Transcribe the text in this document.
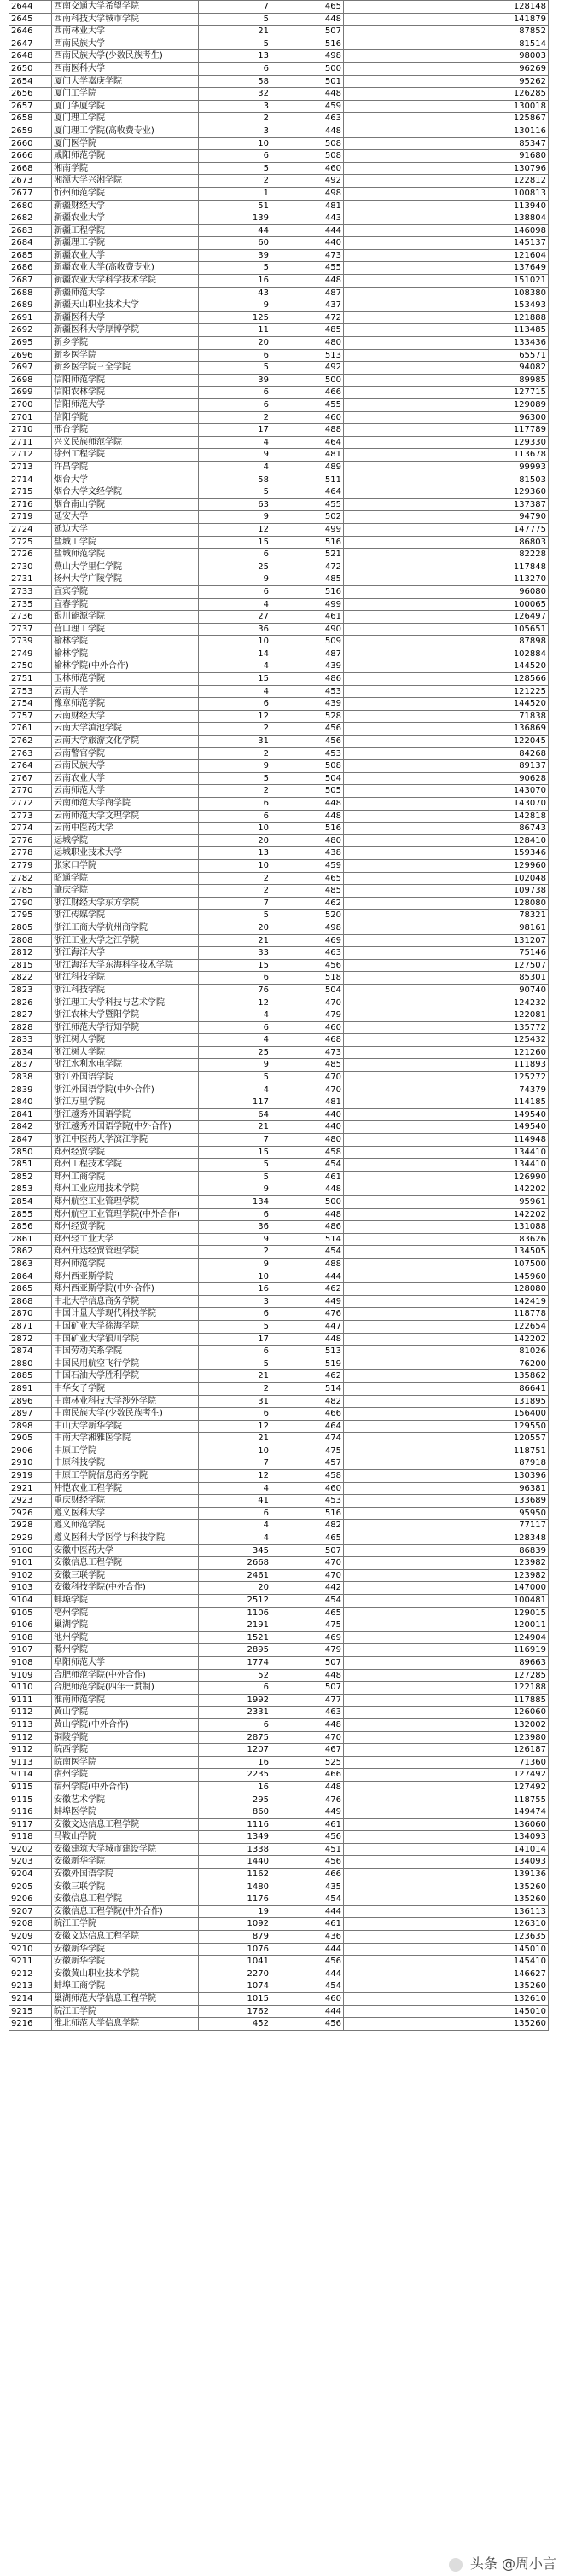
2644	西南交通大学希望学院	7	465	128148
2645	西南科技大学城市学院	5	448	141879
2646	西南林业大学	21	507	87852
2647	西南民族大学	5	516	81514
2648	西南民族大学(少数民族考生)	13	498	98003
2650	西南医科大学	6	500	96269
2654	厦门大学嘉庚学院	58	501	95262
2656	厦门工学院	32	448	126285
2657	厦门华厦学院	3	459	130018
2658	厦门理工学院	2	463	125867
2659	厦门理工学院(高收费专业)	3	448	130116
2660	厦门医学院	10	508	85347
2666	咸阳师范学院	6	508	91680
2668	湘南学院	5	460	130796
2673	湘潭大学兴湘学院	2	492	122812
2677	忻州师范学院	1	498	100813
2680	新疆财经大学	51	481	113940
2682	新疆农业大学	139	443	138804
2683	新疆工程学院	44	444	146098
2684	新疆理工学院	60	440	145137
2685	新疆农业大学	39	473	121604
2686	新疆农业大学(高收费专业)	5	455	137649
2687	新疆农业大学科学技术学院	16	448	151021
2688	新疆师范大学	43	487	108380
2689	新疆天山职业技术大学	9	437	153493
2691	新疆医科大学	125	472	121888
2692	新疆医科大学厚博学院	11	485	113485
2695	新乡学院	20	480	133436
2696	新乡医学院	6	513	65571
2697	新乡医学院三全学院	5	492	94082
2698	信阳师范学院	39	500	89985
2699	信阳农林学院	6	466	127715
2700	信阳师范大学	6	455	129089
2701	信阳学院	2	460	96300
2710	邢台学院	17	488	117789
2711	兴义民族师范学院	4	464	129330
2712	徐州工程学院	9	481	113678
2713	许昌学院	4	489	99993
2714	烟台大学	58	511	81503
2715	烟台大学文经学院	5	464	129360
2716	烟台南山学院	63	455	137387
2719	延安大学	9	502	94790
2724	延边大学	12	499	147775
2725	盐城工学院	15	516	86803
2726	盐城师范学院	6	521	82228
2730	燕山大学里仁学院	25	472	117848
2731	扬州大学广陵学院	9	485	113270
2733	宜宾学院	6	516	96080
2735	宜春学院	4	499	100065
2736	银川能源学院	27	461	126497
2737	营口理工学院	36	490	105651
2739	榆林学院	10	509	87898
2749	榆林学院	14	487	102884
2750	榆林学院(中外合作)	4	439	144520
2751	玉林师范学院	15	486	128566
2753	云南大学	4	453	121225
2754	豫章师范学院	6	439	144520
2757	云南财经大学	12	528	71838
2761	云南大学滇池学院	2	456	136869
2762	云南大学旅游文化学院	31	456	122045
2763	云南警官学院	2	453	84268
2764	云南民族大学	9	508	89137
2767	云南农业大学	5	504	90628
2770	云南师范大学	2	505	143070
2772	云南师范大学商学院	6	448	143070
2773	云南师范大学文理学院	6	448	142818
2774	云南中医药大学	10	516	86743
2776	运城学院	20	480	128410
2778	运城职业技术大学	13	438	159346
2779	张家口学院	10	459	129960
2782	昭通学院	2	465	102048
2785	肇庆学院	2	485	109738
2790	浙江财经大学东方学院	7	462	128080
2795	浙江传媒学院	5	520	78321
2805	浙江工商大学杭州商学院	20	498	98161
2808	浙江工业大学之江学院	21	469	131207
2812	浙江海洋大学	33	463	75146
2815	浙江海洋大学东海科学技术学院	15	456	127507
2822	浙江科技学院	6	518	85301
2823	浙江科技学院	76	504	90740
2826	浙江理工大学科技与艺术学院	12	470	124232
2827	浙江农林大学暨阳学院	4	479	122081
2828	浙江师范大学行知学院	6	460	135772
2833	浙江树人学院	4	468	125432
2834	浙江树人学院	25	473	121260
2837	浙江水利水电学院	9	485	111893
2838	浙江外国语学院	5	470	125272
2839	浙江外国语学院(中外合作)	4	470	74379
2840	浙江万里学院	117	481	114185
2841	浙江越秀外国语学院	64	440	149540
2842	浙江越秀外国语学院(中外合作)	21	440	149540
2847	浙江中医药大学滨江学院	7	480	114948
2850	郑州经贸学院	15	458	134410
2851	郑州工程技术学院	5	454	134410
2852	郑州工商学院	5	461	126990
2853	郑州工业应用技术学院	9	448	142202
2854	郑州航空工业管理学院	134	500	95961
2855	郑州航空工业管理学院(中外合作)	6	448	142202
2856	郑州经贸学院	36	486	131088
2861	郑州轻工业大学	9	514	83626
2862	郑州升达经贸管理学院	2	454	134505
2863	郑州师范学院	9	488	107500
2864	郑州西亚斯学院	10	444	145960
2865	郑州西亚斯学院(中外合作)	16	462	128080
2868	中北大学信息商务学院	3	449	142419
2870	中国计量大学现代科技学院	6	476	118778
2871	中国矿业大学徐海学院	5	447	122654
2872	中国矿业大学银川学院	17	448	142202
2874	中国劳动关系学院	6	513	81026
2880	中国民用航空飞行学院	5	519	76200
2885	中国石油大学胜利学院	21	462	135862
2891	中华女子学院	2	514	86641
2896	中南林业科技大学涉外学院	31	482	131895
2897	中南民族大学(少数民族考生)	6	466	156400
2898	中山大学新华学院	12	464	129550
2905	中南大学湘雅医学院	21	474	120557
2906	中原工学院	10	475	118751
2910	中原科技学院	7	457	87918
2919	中原工学院信息商务学院	12	458	130396
2921	仲恺农业工程学院	4	460	96381
2923	重庆财经学院	41	453	133689
2926	遵义医科大学	6	516	95950
2928	遵义师范学院	4	482	77117
2929	遵义医科大学医学与科技学院	4	465	128348
9100	安徽中医药大学	345	507	86839
9101	安徽信息工程学院	2668	470	123982
9102	安徽三联学院	2461	470	123982
9103	安徽科技学院(中外合作)	20	442	147000
9104	蚌埠学院	2512	454	100481
9105	亳州学院	1106	465	129015
9106	巢湖学院	2191	475	120011
9108	池州学院	1521	469	124904
9107	滁州学院	2895	479	116919
9108	阜阳师范大学	1774	507	89663
9109	合肥师范学院(中外合作)	52	448	127285
9110	合肥师范学院(四年一贯制)	6	507	122188
9111	淮南师范学院	1992	477	117885
9112	黄山学院	2331	463	126060
9113	黄山学院(中外合作)	6	448	132002
9112	铜陵学院	2875	470	123980
9112	皖西学院	1207	467	126187
9113	皖南医学院	16	525	71360
9114	宿州学院	2235	466	127492
9115	宿州学院(中外合作)	16	448	127492
9115	安徽艺术学院	295	476	118755
9116	蚌埠医学院	860	449	149474
9117	安徽文达信息工程学院	1116	461	136060
9118	马鞍山学院	1349	456	134093
9202	安徽建筑大学城市建设学院	1338	451	141014
9203	安徽新华学院	1440	456	134093
9204	安徽外国语学院	1162	466	139136
9205	安徽三联学院	1480	435	135260
9206	安徽信息工程学院	1176	454	135260
9207	安徽信息工程学院(中外合作)	19	444	136113
9208	皖江工学院	1092	461	126310
9209	安徽文达信息工程学院	879	436	123635
9210	安徽新华学院	1076	444	145010
9211	安徽新华学院	1041	456	145410
9212	安徽黄山职业技术学院	2270	444	146627
9213	蚌埠工商学院	1074	454	135260
9214	巢湖师范大学信息工程学院	1015	460	132610
9215	皖江工学院	1762	444	145010
9216	淮北师范大学信息学院	452	456	135260
头条 @周小言
